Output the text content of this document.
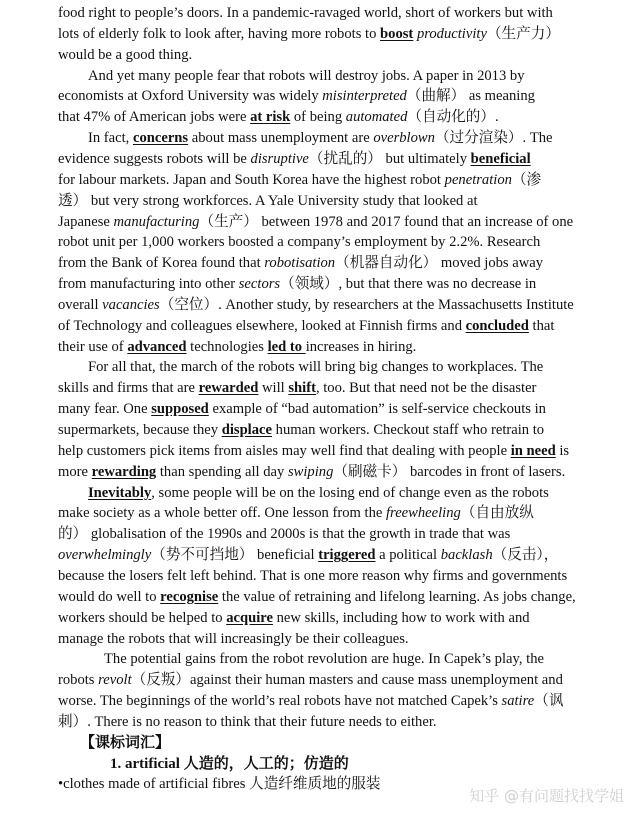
food right to people’s doors. In a pandemic-ravaged world, short of workers but with
lots of elderly folk to look after, having more robots to boost productivity（生产力）
would be a good thing.
And yet many people fear that robots will destroy jobs. A paper in 2013 by
economists at Oxford University was widely misinterpreted（曲解） as meaning
that 47% of American jobs were at risk of being automated（自动化的）.
In fact, concerns about mass unemployment are overblown（过分渲染）. The
evidence suggests robots will be disruptive（扰乱的） but ultimately beneficial
for labour markets. Japan and South Korea have the highest robot penetration（渗
透） but very strong workforces. A Yale University study that looked at
Japanese manufacturing（生产） between 1978 and 2017 found that an increase of one
robot unit per 1,000 workers boosted a company’s employment by 2.2%. Research
from the Bank of Korea found that robotisation（机器自动化） moved jobs away
from manufacturing into other sectors（领域）, but that there was no decrease in
overall vacancies（空位）. Another study, by researchers at the Massachusetts Institute
of Technology and colleagues elsewhere, looked at Finnish firms and concluded that
their use of advanced technologies led to increases in hiring.
For all that, the march of the robots will bring big changes to workplaces. The
skills and firms that are rewarded will shift, too. But that need not be the disaster
many fear. One supposed example of “bad automation” is self-service checkouts in
supermarkets, because they displace human workers. Checkout staff who retrain to
help customers pick items from aisles may well find that dealing with people in need is
more rewarding than spending all day swiping（刷磁卡） barcodes in front of lasers.
Inevitably, some people will be on the losing end of change even as the robots
make society as a whole better off. One lesson from the freewheeling（自由放纵
的） globalisation of the 1990s and 2000s is that the growth in trade that was
overwhelmingly（势不可挡地） beneficial triggered a political backlash（反击），
because the losers felt left behind. That is one more reason why firms and governments
would do well to recognise the value of retraining and lifelong learning. As jobs change,
workers should be helped to acquire new skills, including how to work with and
manage the robots that will increasingly be their colleagues.
The potential gains from the robot revolution are huge. In Capek’s play, the
robots revolt（反叛）against their human masters and cause mass unemployment and
worse. The beginnings of the world’s real robots have not matched Capek’s satire（讽
刺）. There is no reason to think that their future needs to either.
【课标词汇】
1. artificial 人造的，人工的；仿造的
•clothes made of artificial fibres 人造纤维质地的服装
知乎 @有问题找找学姐
